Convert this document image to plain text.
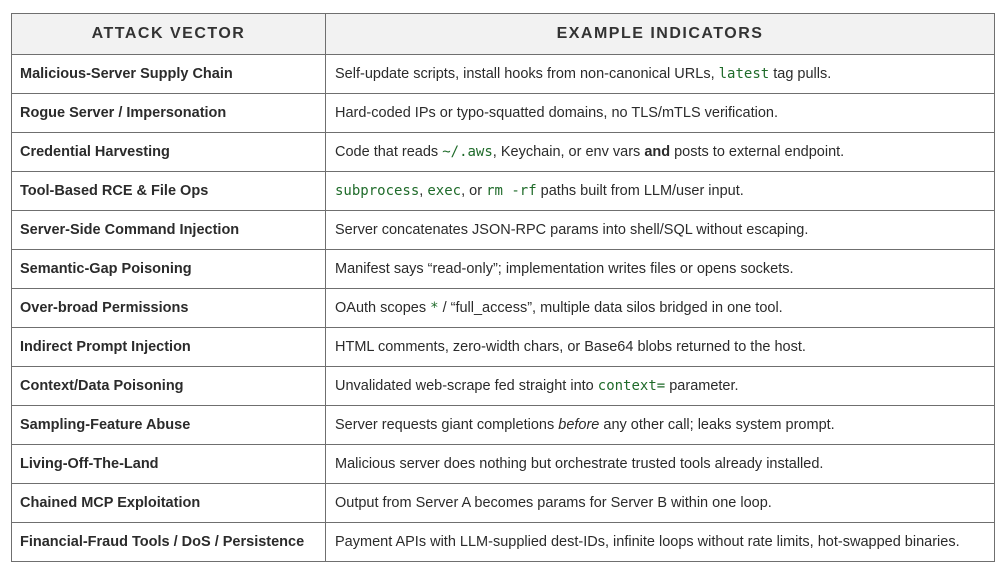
ATTACK VECTOR	EXAMPLE INDICATORS
Malicious-Server Supply Chain	Self-update scripts, install hooks from non-canonical URLs, latest tag pulls.
Rogue Server / Impersonation	Hard-coded IPs or typo-squatted domains, no TLS/mTLS verification.
Credential Harvesting	Code that reads ~/.aws, Keychain, or env vars and posts to external endpoint.
Tool-Based RCE & File Ops	subprocess, exec, or rm -rf paths built from LLM/user input.
Server-Side Command Injection	Server concatenates JSON-RPC params into shell/SQL without escaping.
Semantic-Gap Poisoning	Manifest says “read-only”; implementation writes files or opens sockets.
Over-broad Permissions	OAuth scopes * / “full_access”, multiple data silos bridged in one tool.
Indirect Prompt Injection	HTML comments, zero-width chars, or Base64 blobs returned to the host.
Context/Data Poisoning	Unvalidated web-scrape fed straight into context= parameter.
Sampling-Feature Abuse	Server requests giant completions before any other call; leaks system prompt.
Living-Off-The-Land	Malicious server does nothing but orchestrate trusted tools already installed.
Chained MCP Exploitation	Output from Server A becomes params for Server B within one loop.
Financial-Fraud Tools / DoS / Persistence	Payment APIs with LLM-supplied dest-IDs, infinite loops without rate limits, hot-swapped binaries.
